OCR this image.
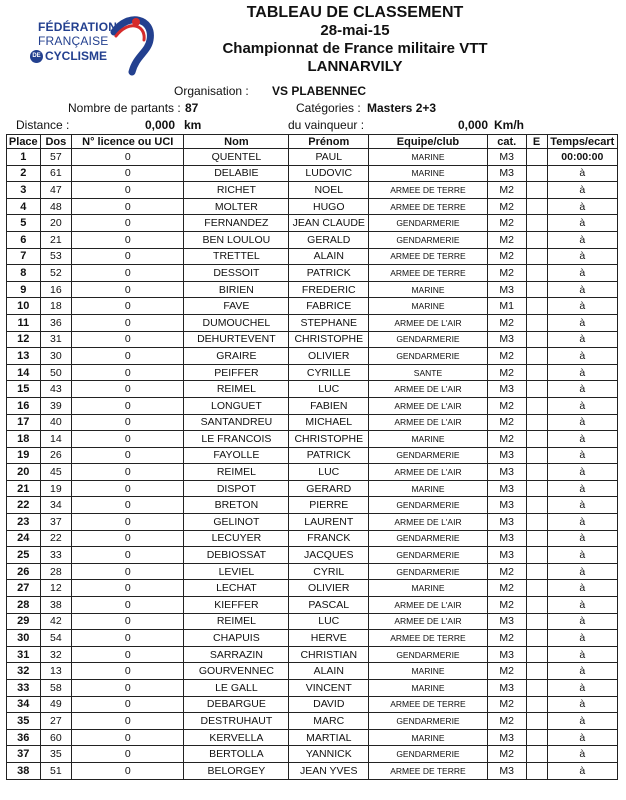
FÉDÉRATION
FRANÇAISE
DE CYCLISME
TABLEAU DE CLASSEMENT
28-mai-15
Championnat de France militaire VTT
LANNARVILY
Organisation : VS PLABENNEC
Nombre de partants : 87	Catégories : Masters 2+3
Distance :	0,000 km	du vainqueur :	0,000 Km/h
Place	Dos	N° licence ou UCI	Nom	Prénom	Equipe/club	cat.	E	Temps/ecart
1	57	0	QUENTEL	PAUL	MARINE	M3		00:00:00
2	61	0	DELABIE	LUDOVIC	MARINE	M3		à
3	47	0	RICHET	NOEL	ARMEE DE TERRE	M2		à
4	48	0	MOLTER	HUGO	ARMEE DE TERRE	M2		à
5	20	0	FERNANDEZ	JEAN CLAUDE	GENDARMERIE	M2		à
6	21	0	BEN LOULOU	GERALD	GENDARMERIE	M2		à
7	53	0	TRETTEL	ALAIN	ARMEE DE TERRE	M2		à
8	52	0	DESSOIT	PATRICK	ARMEE DE TERRE	M2		à
9	16	0	BIRIEN	FREDERIC	MARINE	M3		à
10	18	0	FAVE	FABRICE	MARINE	M1		à
11	36	0	DUMOUCHEL	STEPHANE	ARMEE DE L'AIR	M2		à
12	31	0	DEHURTEVENT	CHRISTOPHE	GENDARMERIE	M3		à
13	30	0	GRAIRE	OLIVIER	GENDARMERIE	M2		à
14	50	0	PEIFFER	CYRILLE	SANTE	M2		à
15	43	0	REIMEL	LUC	ARMEE DE L'AIR	M3		à
16	39	0	LONGUET	FABIEN	ARMEE DE L'AIR	M2		à
17	40	0	SANTANDREU	MICHAEL	ARMEE DE L'AIR	M2		à
18	14	0	LE FRANCOIS	CHRISTOPHE	MARINE	M2		à
19	26	0	FAYOLLE	PATRICK	GENDARMERIE	M3		à
20	45	0	REIMEL	LUC	ARMEE DE L'AIR	M3		à
21	19	0	DISPOT	GERARD	MARINE	M3		à
22	34	0	BRETON	PIERRE	GENDARMERIE	M3		à
23	37	0	GELINOT	LAURENT	ARMEE DE L'AIR	M3		à
24	22	0	LECUYER	FRANCK	GENDARMERIE	M3		à
25	33	0	DEBIOSSAT	JACQUES	GENDARMERIE	M3		à
26	28	0	LEVIEL	CYRIL	GENDARMERIE	M2		à
27	12	0	LECHAT	OLIVIER	MARINE	M2		à
28	38	0	KIEFFER	PASCAL	ARMEE DE L'AIR	M2		à
29	42	0	REIMEL	LUC	ARMEE DE L'AIR	M3		à
30	54	0	CHAPUIS	HERVE	ARMEE DE TERRE	M2		à
31	32	0	SARRAZIN	CHRISTIAN	GENDARMERIE	M3		à
32	13	0	GOURVENNEC	ALAIN	MARINE	M2		à
33	58	0	LE GALL	VINCENT	MARINE	M3		à
34	49	0	DEBARGUE	DAVID	ARMEE DE TERRE	M2		à
35	27	0	DESTRUHAUT	MARC	GENDARMERIE	M2		à
36	60	0	KERVELLA	MARTIAL	MARINE	M3		à
37	35	0	BERTOLLA	YANNICK	GENDARMERIE	M2		à
38	51	0	BELORGEY	JEAN YVES	ARMEE DE TERRE	M3		à
